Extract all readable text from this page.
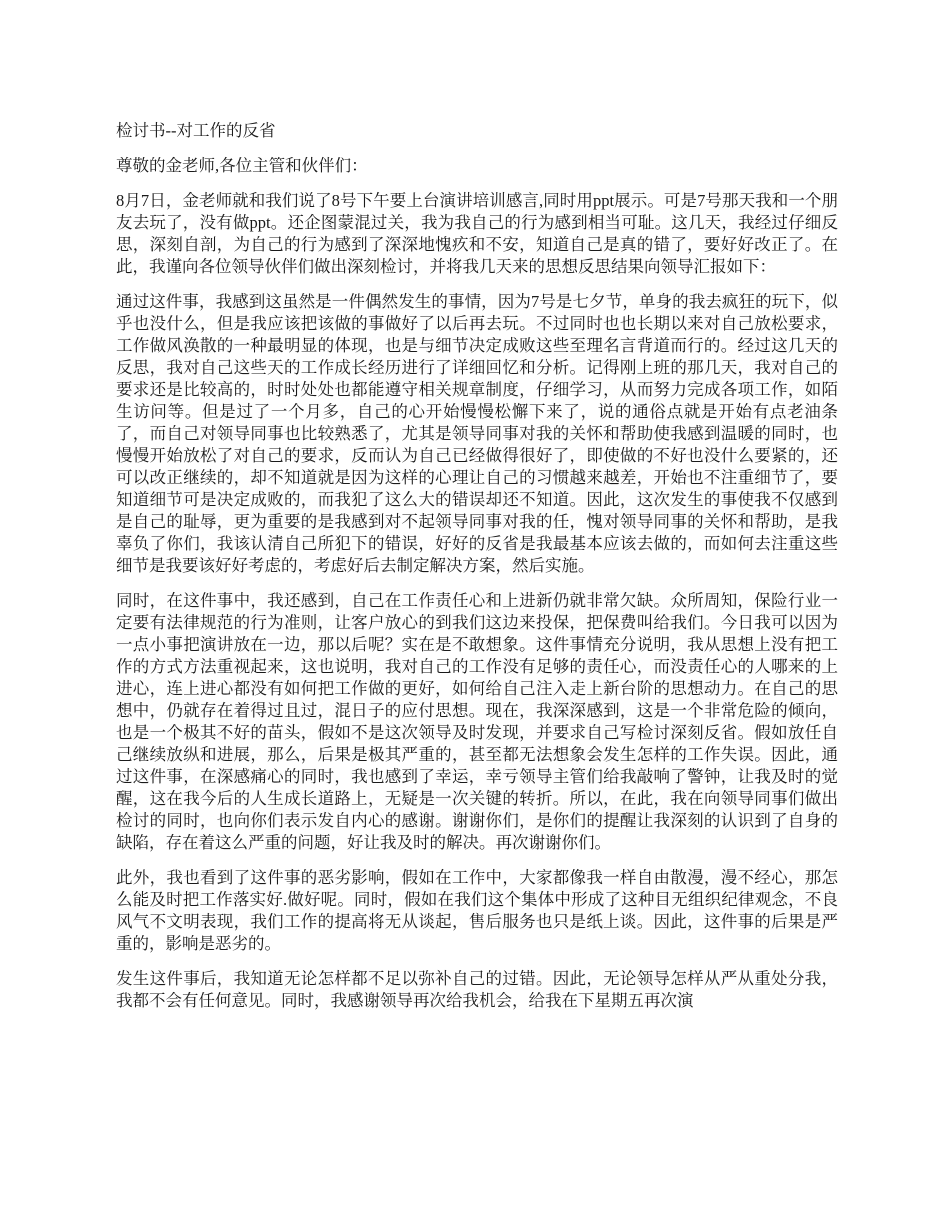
检讨书--对工作的反省

尊敬的金老师,各位主管和伙伴们：

8月7日，金老师就和我们说了8号下午要上台演讲培训感言,同时用ppt展示。可是7号那天我和一个朋友去玩了，没有做ppt。还企图蒙混过关，我为我自己的行为感到相当可耻。这几天，我经过仔细反思，深刻自剖，为自己的行为感到了深深地愧疚和不安，知道自己是真的错了，要好好改正了。在此，我谨向各位领导伙伴们做出深刻检讨，并将我几天来的思想反思结果向领导汇报如下：

通过这件事，我感到这虽然是一件偶然发生的事情，因为7号是七夕节，单身的我去疯狂的玩下，似乎也没什么，但是我应该把该做的事做好了以后再去玩。不过同时也也长期以来对自己放松要求，工作做风涣散的一种最明显的体现，也是与细节决定成败这些至理名言背道而行的。经过这几天的反思，我对自己这些天的工作成长经历进行了详细回忆和分析。记得刚上班的那几天，我对自己的要求还是比较高的，时时处处也都能遵守相关规章制度，仔细学习，从而努力完成各项工作，如陌生访问等。但是过了一个月多，自己的心开始慢慢松懈下来了，说的通俗点就是开始有点老油条了，而自己对领导同事也比较熟悉了，尤其是领导同事对我的关怀和帮助使我感到温暖的同时，也慢慢开始放松了对自己的要求，反而认为自己已经做得很好了，即使做的不好也没什么要紧的，还可以改正继续的，却不知道就是因为这样的心理让自己的习惯越来越差，开始也不注重细节了，要知道细节可是决定成败的，而我犯了这么大的错误却还不知道。因此，这次发生的事使我不仅感到是自己的耻辱，更为重要的是我感到对不起领导同事对我的任，愧对领导同事的关怀和帮助，是我辜负了你们，我该认清自己所犯下的错误，好好的反省是我最基本应该去做的，而如何去注重这些细节是我要该好好考虑的，考虑好后去制定解决方案，然后实施。

同时，在这件事中，我还感到，自己在工作责任心和上进新仍就非常欠缺。众所周知，保险行业一定要有法律规范的行为准则，让客户放心的到我们这边来投保，把保费叫给我们。今日我可以因为一点小事把演讲放在一边，那以后呢？实在是不敢想象。这件事情充分说明，我从思想上没有把工作的方式方法重视起来，这也说明，我对自己的工作没有足够的责任心，而没责任心的人哪来的上进心，连上进心都没有如何把工作做的更好，如何给自己注入走上新台阶的思想动力。在自己的思想中，仍就存在着得过且过，混日子的应付思想。现在，我深深感到，这是一个非常危险的倾向，也是一个极其不好的苗头，假如不是这次领导及时发现，并要求自己写检讨深刻反省。假如放任自己继续放纵和进展，那么，后果是极其严重的，甚至都无法想象会发生怎样的工作失误。因此，通过这件事，在深感痛心的同时，我也感到了幸运，幸亏领导主管们给我敲响了警钟，让我及时的觉醒，这在我今后的人生成长道路上，无疑是一次关键的转折。所以，在此，我在向领导同事们做出检讨的同时，也向你们表示发自内心的感谢。谢谢你们，是你们的提醒让我深刻的认识到了自身的缺陷，存在着这么严重的问题，好让我及时的解决。再次谢谢你们。

此外，我也看到了这件事的恶劣影响，假如在工作中，大家都像我一样自由散漫，漫不经心，那怎么能及时把工作落实好.做好呢。同时，假如在我们这个集体中形成了这种目无组织纪律观念，不良风气不文明表现，我们工作的提高将无从谈起，售后服务也只是纸上谈。因此，这件事的后果是严重的，影响是恶劣的。

发生这件事后，我知道无论怎样都不足以弥补自己的过错。因此，无论领导怎样从严从重处分我，我都不会有任何意见。同时，我感谢领导再次给我机会，给我在下星期五再次演
